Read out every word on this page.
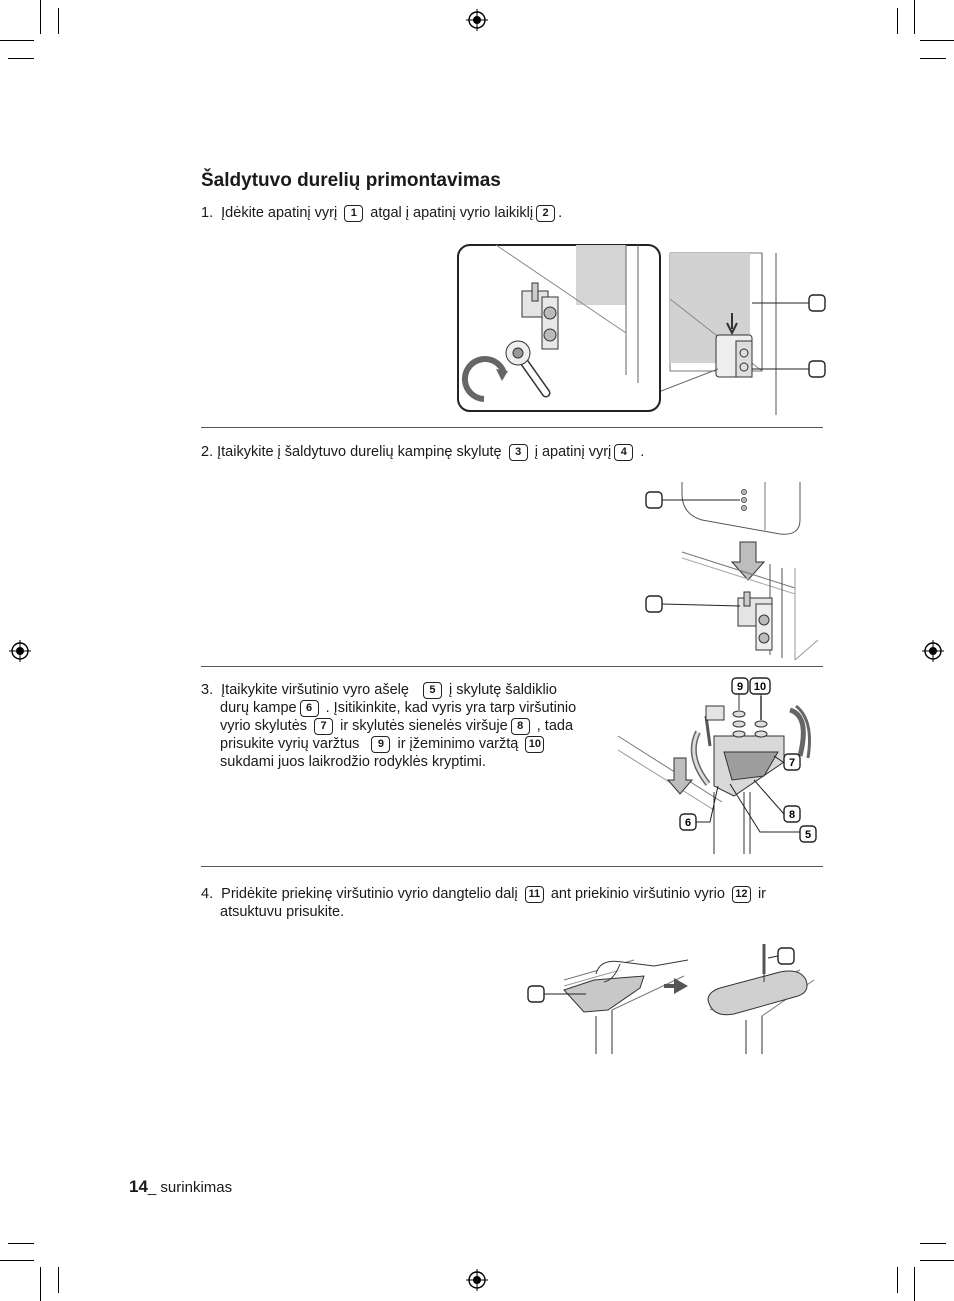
Šaldytuvo durelių primontavimas
1. Įdėkite apatinį vyrį 1 atgal į apatinį vyrio laikiklį 2 .
2. Įtaikykite į šaldytuvo durelių kampinę skylutę 3 į apatinį vyrį 4 .
3. Įtaikykite viršutinio vyro ašelę 5 į skylutę šaldiklio
durų kampe 6 . Įsitikinkite, kad vyris yra tarp viršutinio
vyrio skylutės 7 ir skylutės sienelės viršuje 8 , tada
prisukite vyrių varžtus 9 ir įžeminimo varžtą 10
sukdami juos laikrodžio rodyklės kryptimi.
9 10
7
8
6
5
4. Pridėkite priekinę viršutinio vyrio dangtelio dalį 11 ant priekinio viršutinio vyrio 12 ir
atsuktuvu prisukite.
14_ surinkimas
